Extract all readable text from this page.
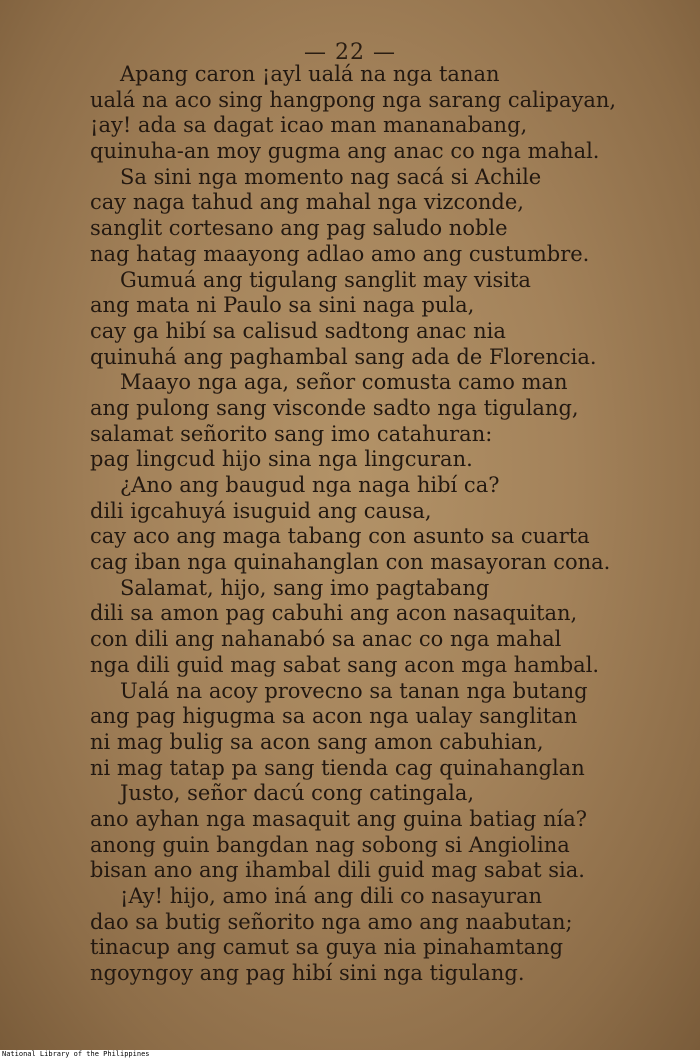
— 22 —
Apang caron ¡ayl ualá na nga tanan
ualá na aco sing hangpong nga sarang calipayan,
¡ay! ada sa dagat icao man mananabang,
quinuha-an moy gugma ang anac co nga mahal.
Sa sini nga momento nag sacá si Achile
cay naga tahud ang mahal nga vizconde,
sanglit cortesano ang pag saludo noble
nag hatag maayong adlao amo ang custumbre.
Gumuá ang tigulang sanglit may visita
ang mata ni Paulo sa sini naga pula,
cay ga hibí sa calisud sadtong anac nia
quinuhá ang paghambal sang ada de Florencia.
Maayo nga aga, señor comusta camo man
ang pulong sang visconde sadto nga tigulang,
salamat señorito sang imo catahuran:
pag lingcud hijo sina nga lingcuran.
¿Ano ang baugud nga naga hibí ca?
dili igcahuyá isuguid ang causa,
cay aco ang maga tabang con asunto sa cuarta
cag iban nga quinahanglan con masayoran cona.
Salamat, hijo, sang imo pagtabang
dili sa amon pag cabuhi ang acon nasaquitan,
con dili ang nahanabó sa anac co nga mahal
nga dili guid mag sabat sang acon mga hambal.
Ualá na acoy provecno sa tanan nga butang
ang pag higugma sa acon nga ualay sanglitan
ni mag bulig sa acon sang amon cabuhian,
ni mag tatap pa sang tienda cag quinahanglan
Justo, señor dacú cong catingala,
ano ayhan nga masaquit ang guina batiag nía?
anong guin bangdan nag sobong si Angiolina
bisan ano ang ihambal dili guid mag sabat sia.
¡Ay! hijo, amo iná ang dili co nasayuran
dao sa butig señorito nga amo ang naabutan;
tinacup ang camut sa guya nia pinahamtang
ngoyngoy ang pag hibí sini nga tigulang.
National Library of the Philippines
